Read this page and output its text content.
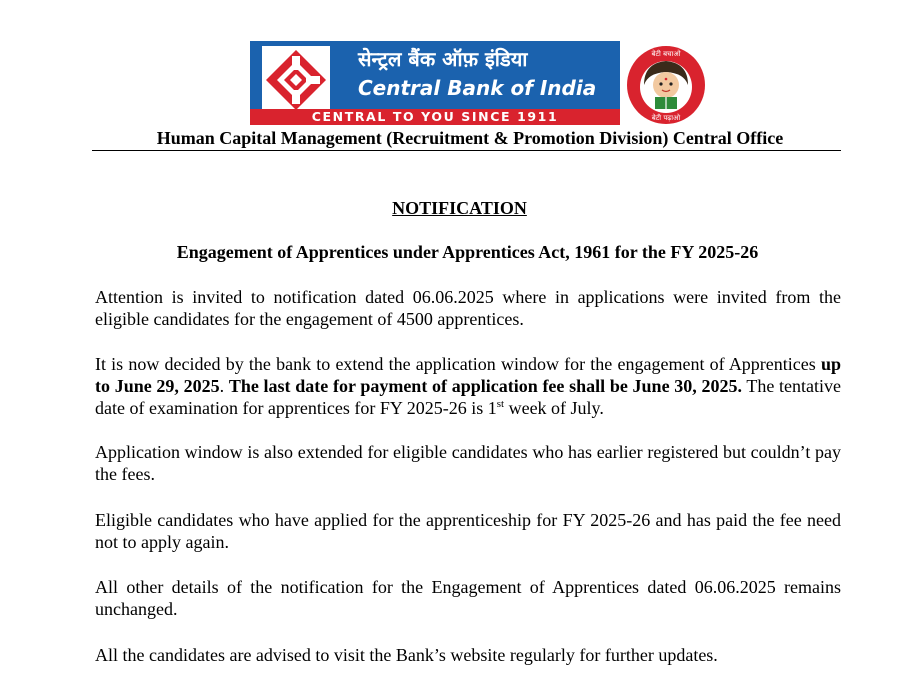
सेन्ट्रल बैंक ऑफ़ इंडिया
Central Bank of India
CENTRAL TO YOU SINCE 1911
बेटी बचाओ
बेटी पढ़ाओ
Human Capital Management (Recruitment & Promotion Division) Central Office
NOTIFICATION
Engagement of Apprentices under Apprentices Act, 1961 for the FY 2025-26
Attention is invited to notification dated 06.06.2025 where in applications were invited from the eligible candidates for the engagement of 4500 apprentices.
It is now decided by the bank to extend the application window for the engagement of Apprentices up to June 29, 2025. The last date for payment of application fee shall be June 30, 2025. The tentative date of examination for apprentices for FY 2025-26 is 1st week of July.
Application window is also extended for eligible candidates who has earlier registered but couldn’t pay the fees.
Eligible candidates who have applied for the apprenticeship for FY 2025-26 and has paid the fee need not to apply again.
All other details of the notification for the Engagement of Apprentices dated 06.06.2025 remains unchanged.
All the candidates are advised to visit the Bank’s website regularly for further updates.
